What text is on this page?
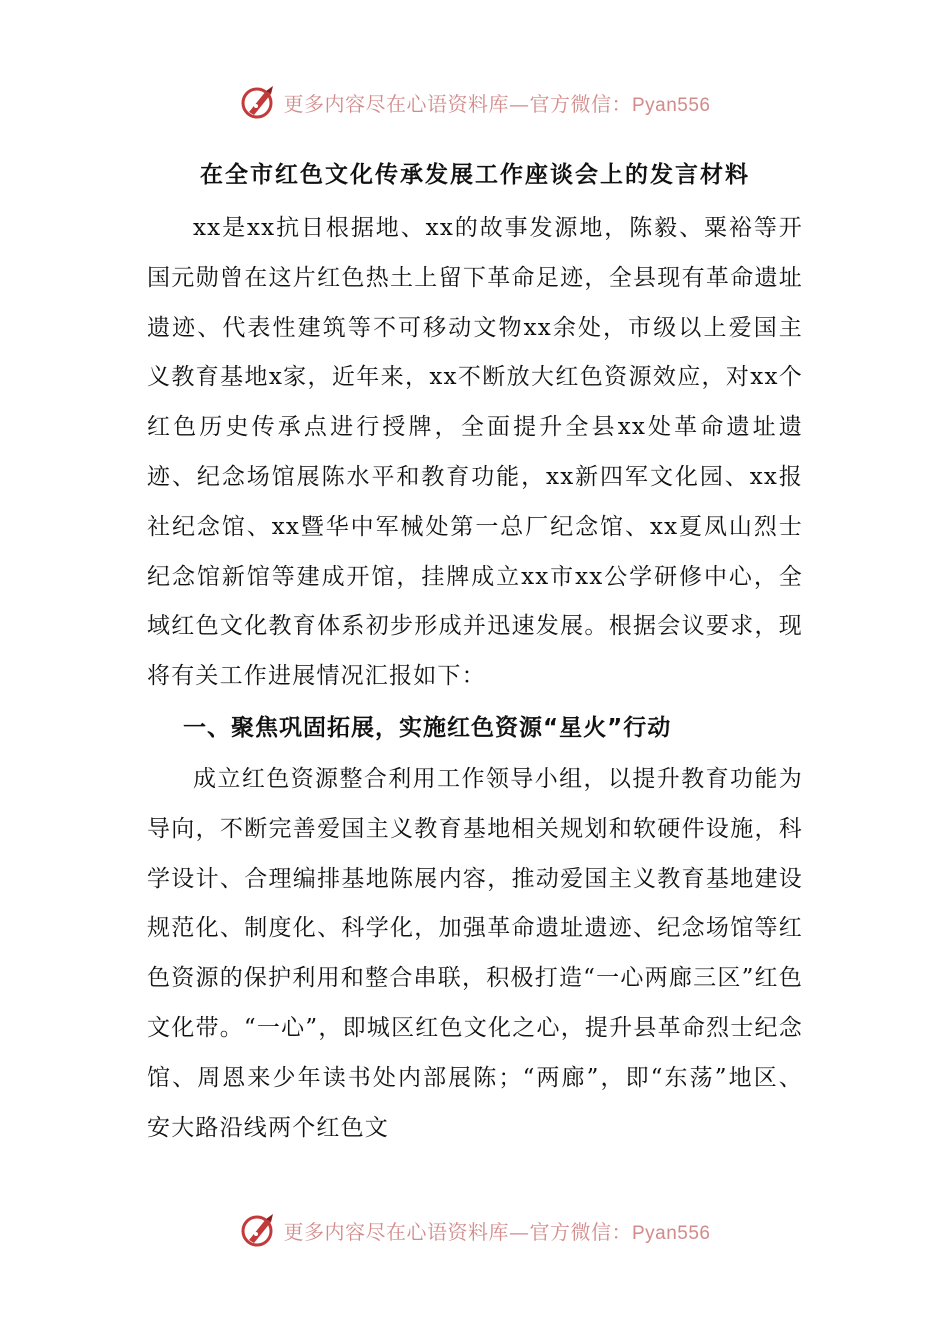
更多内容尽在心语资料库—官方微信：Pyan556
在全市红色文化传承发展工作座谈会上的发言材料

xx是xx抗日根据地、xx的故事发源地，陈毅、粟裕等开国元勋曾在这片红色热土上留下革命足迹，全县现有革命遗址遗迹、代表性建筑等不可移动文物xx余处，市级以上爱国主义教育基地x家，近年来，xx不断放大红色资源效应，对xx个红色历史传承点进行授牌，全面提升全县xx处革命遗址遗迹、纪念场馆展陈水平和教育功能，xx新四军文化园、xx报社纪念馆、xx暨华中军械处第一总厂纪念馆、xx夏凤山烈士纪念馆新馆等建成开馆，挂牌成立xx市xx公学研修中心，全域红色文化教育体系初步形成并迅速发展。根据会议要求，现将有关工作进展情况汇报如下：

一、聚焦巩固拓展，实施红色资源“星火”行动

成立红色资源整合利用工作领导小组，以提升教育功能为导向，不断完善爱国主义教育基地相关规划和软硬件设施，科学设计、合理编排基地陈展内容，推动爱国主义教育基地建设规范化、制度化、科学化，加强革命遗址遗迹、纪念场馆等红色资源的保护利用和整合串联，积极打造“一心两廊三区”红色文化带。“一心”，即城区红色文化之心，提升县革命烈士纪念馆、周恩来少年读书处内部展陈；“两廊”，即“东荡”地区、安大路沿线两个红色文

更多内容尽在心语资料库—官方微信：Pyan556
